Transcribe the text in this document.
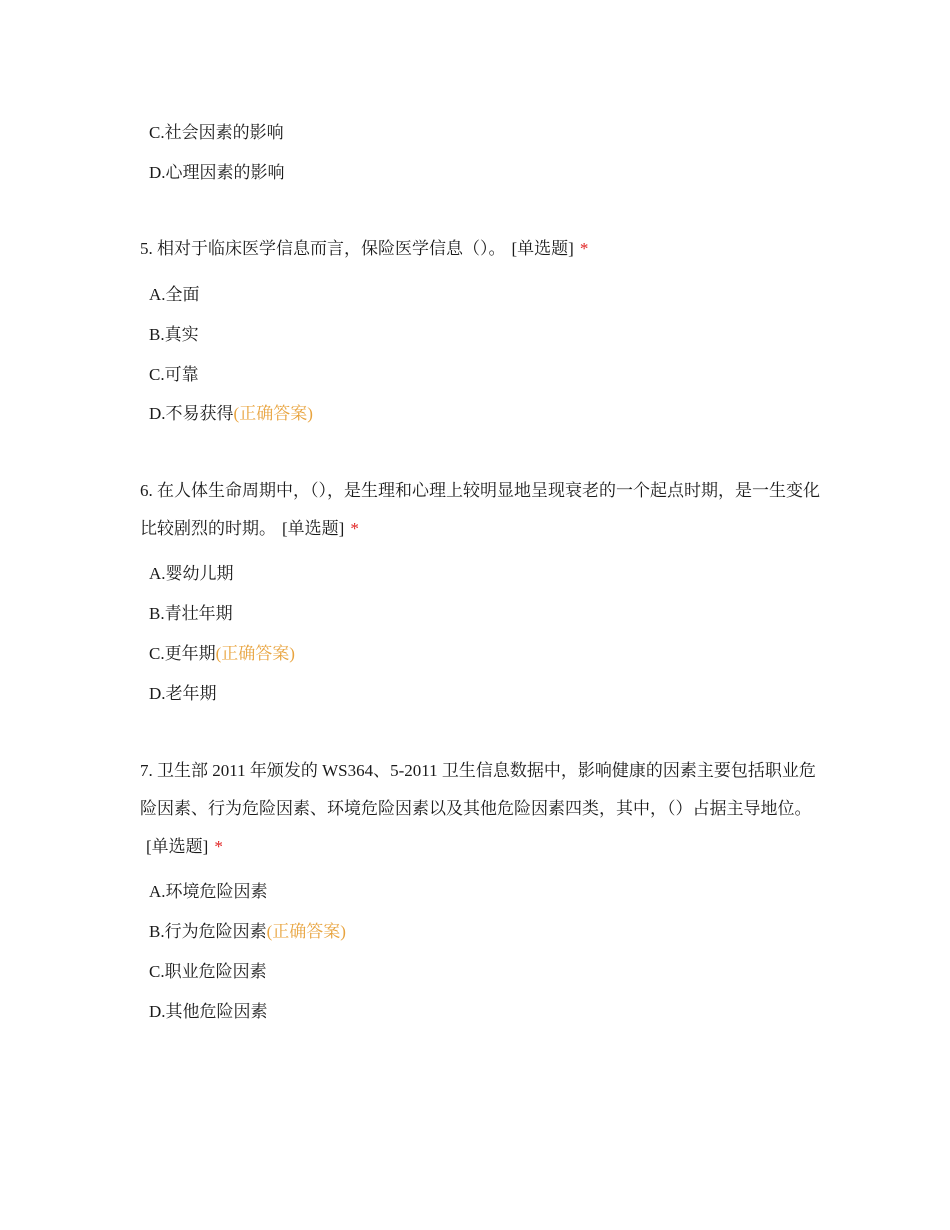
C.社会因素的影响
D.心理因素的影响
5. 相对于临床医学信息而言，保险医学信息（）。 [单选题] *
A.全面
B.真实
C.可靠
D.不易获得(正确答案)
6. 在人体生命周期中，（），是生理和心理上较明显地呈现衰老的一个起点时期，是一生变化比较剧烈的时期。 [单选题] *
A.婴幼儿期
B.青壮年期
C.更年期(正确答案)
D.老年期
7. 卫生部 2011 年颁发的 WS364、5-2011 卫生信息数据中，影响健康的因素主要包括职业危险因素、行为危险因素、环境危险因素以及其他危险因素四类，其中，（）占据主导地位。[单选题] *
A.环境危险因素
B.行为危险因素(正确答案)
C.职业危险因素
D.其他危险因素
